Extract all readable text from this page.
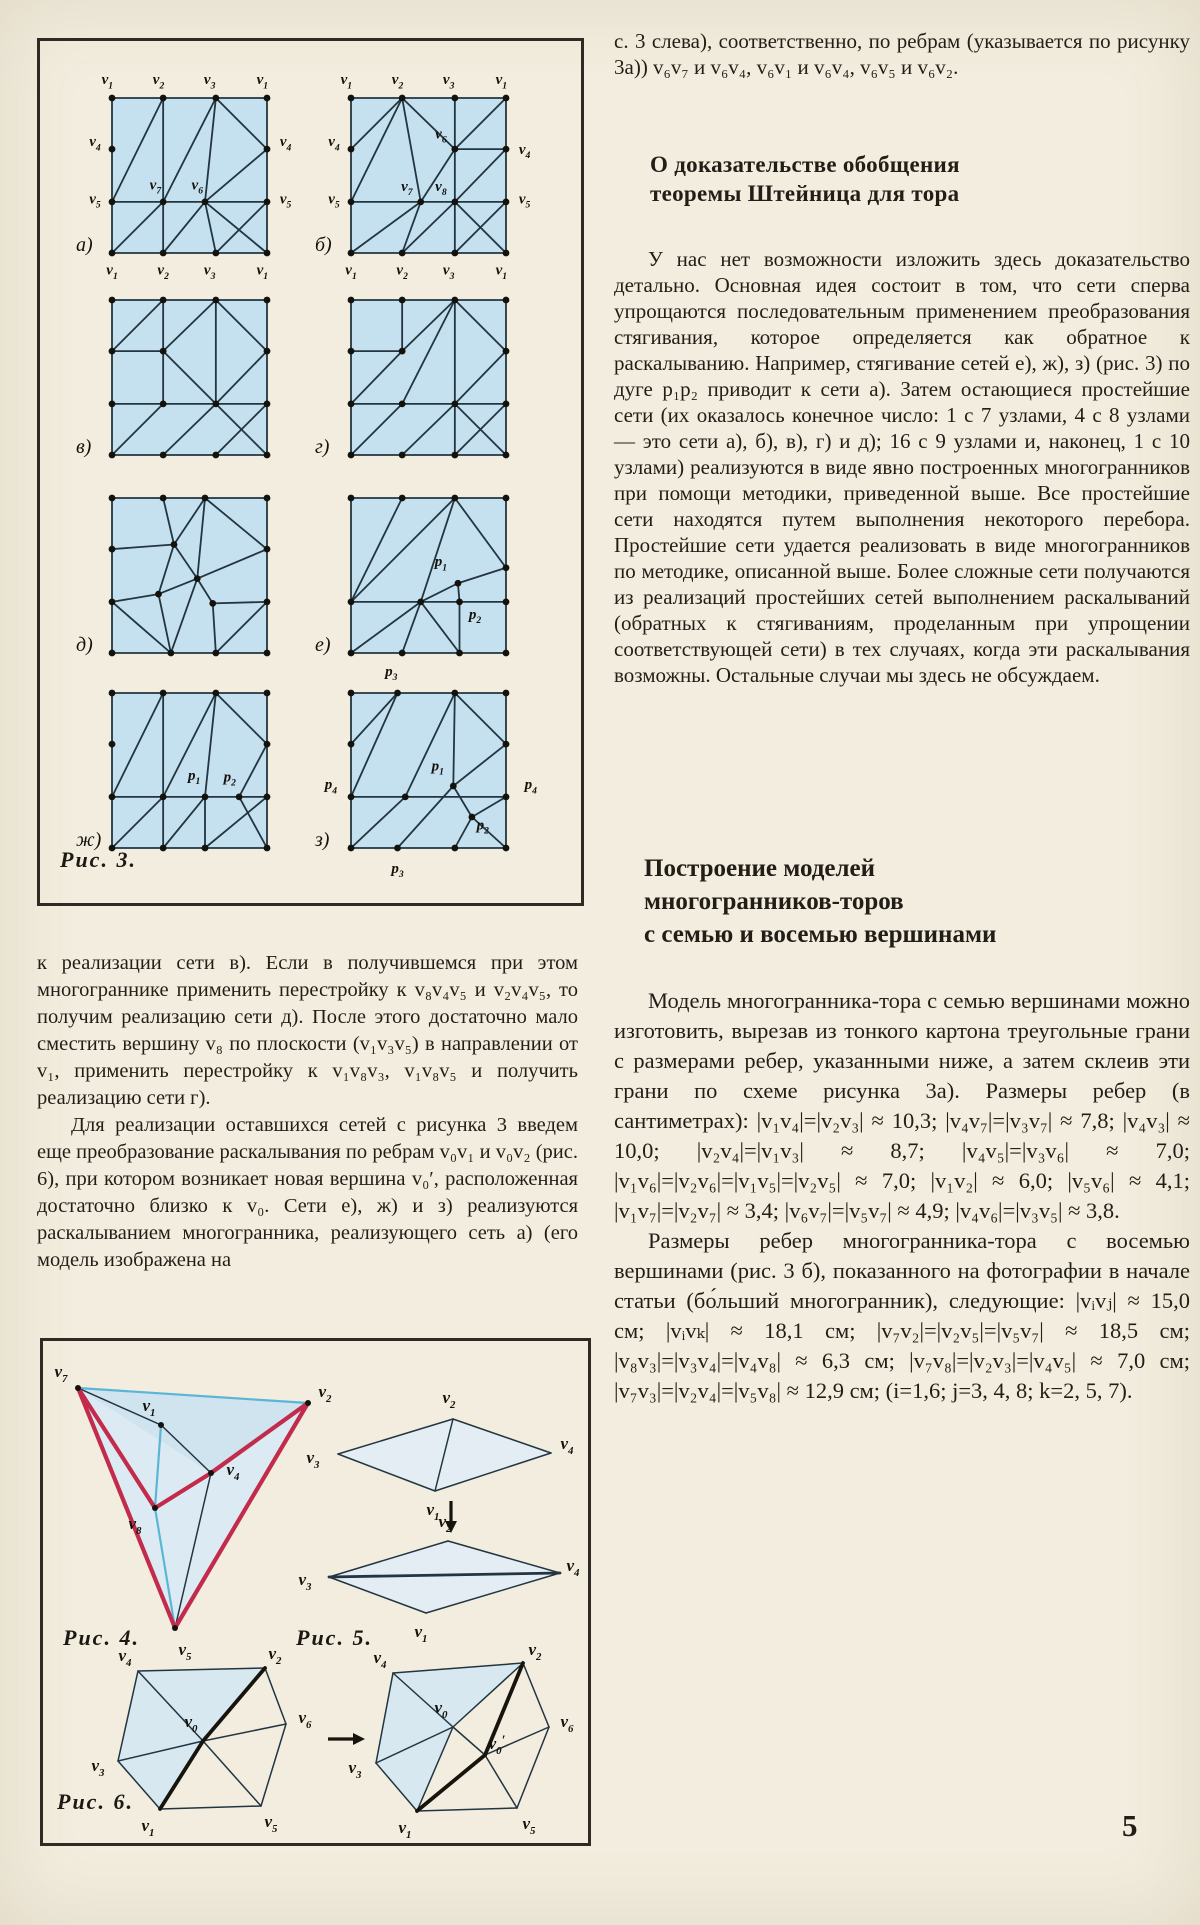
$v_1$	$v_2$	$v_3$	$v_1$
$v_4$
$v_5$
$v_4$
$v_5$
$v_7$ $v_6$
$v_1$	$v_2$ $v_3$	$v_1$
а)
$v_1$	$v_2$	$v_3$	$v_1$
$v_4$
$v_5$
$v_4$
$v_5$
$v_6$
$v_7$ $v_8$
$v_1$	$v_2$ $v_3$	$v_1$
б)
в)	г)
д)
$p_1$
$p_2$
е)
$p_1$ $p_2$
ж)
$p_4$
$p_1$
$p_2$
$p_4$
$p_3$
$p_3$
з)
Рис. 3.
с. 3 слева), соответственно, по ребрам (указывается по рисунку 3а)) v₆v₇ и v₆v₄, v₆v₁ и v₆v₄, v₆v₅ и v₆v₂.
О доказательстве обобщения
теоремы Штейница для тора
У нас нет возможности изложить здесь доказательство детально. Основная идея состоит в том, что сети сперва упрощаются последовательным применением преобразования стягивания, которое определяется как обратное к раскалыванию. Например, стягивание сетей е), ж), з) (рис. 3) по дуге p₁p₂ приводит к сети а). Затем остающиеся простейшие сети (их оказалось конечное число: 1 с 7 узлами, 4 с 8 узлами — это сети а), б), в), г) и д); 16 с 9 узлами и, наконец, 1 с 10 узлами) реализуются в виде явно построенных многогранников при помощи методики, приведенной выше. Все простейшие сети находятся путем выполнения некоторого перебора. Простейшие сети удается реализовать в виде многогранников по методике, описанной выше. Более сложные сети получаются из реализаций простейших сетей выполнением раскалываний (обратных к стягиваниям, проделанным при упрощении соответствующей сети) в тех случаях, когда эти раскалывания возможны. Остальные случаи мы здесь не обсуждаем.
Построение моделей
многогранников-торов
с семью и восемью вершинами

Модель многогранника-тора с семью вершинами можно изготовить, вырезав из тонкого картона треугольные грани с размерами ребер, указанными ниже, а затем склеив эти грани по схеме рисунка 3а). Размеры ребер (в сантиметрах): |v₁v₄|=|v₂v₃| ≈ 10,3; |v₄v₇|=|v₃v₇| ≈ 7,8; |v₄v₃| ≈ 10,0; |v₂v₄|=|v₁v₃| ≈ 8,7; |v₄v₅|=|v₃v₆| ≈ 7,0; |v₁v₆|=|v₂v₆|=|v₁v₅|=|v₂v₅| ≈ 7,0; |v₁v₂| ≈ 6,0; |v₅v₆| ≈ 4,1; |v₁v₇|=|v₂v₇| ≈ 3,4; |v₆v₇|=|v₅v₇| ≈ 4,9; |v₄v₆|=|v₃v₅| ≈ 3,8.

Размеры ребер многогранника-тора с восемью вершинами (рис. 3 б), показанного на фотографии в начале статьи (бо́льший многогранник), следующие: |vᵢvⱼ| ≈ 15,0 см; |vᵢvₖ| ≈ 18,1 см; |v₇v₂|=|v₂v₅|=|v₅v₇| ≈ 18,5 см; |v₈v₃|=|v₃v₄|=|v₄v₈| ≈ 6,3 см; |v₇v₈|=|v₂v₃|=|v₄v₅| ≈ 7,0 см; |v₇v₃|=|v₂v₄|=|v₅v₈| ≈ 12,9 см; (i=1,6; j=3, 4, 8; k=2, 5, 7).

к реализации сети в). Если в получившемся при этом многограннике применить перестройку к v₈v₄v₅ и v₂v₄v₅, то получим реализацию сети д). После этого достаточно мало сместить вершину v₈ по плоскости (v₁v₃v₅) в направлении от v₁, применить перестройку к v₁v₈v₃, v₁v₈v₅ и получить реализацию сети г).

Для реализации оставшихся сетей с рисунка 3 введем еще преобразование раскалывания по ребрам v₀v₁ и v₀v₂ (рис. 6), при котором возникает новая вершина v₀′, расположенная достаточно близко к v₀. Сети е), ж) и з) реализуются раскалыванием многогранника, реализующего сеть а) (его модель изображена на

$v_7$
$v_2$
$v_5$
$v_1$
$v_4$
$v_8$
$v_2$
$v_3$
$v_4$
$v_1$ $v_2$
$v_3$
$v_4$
$v_1$
$v_4$	$v_2$
$v_6$
$v_5$
$v_1$
$v_3$
$v_0$
$v_4$
$v_2$
$v_6$
$v_5$
$v_1$
$v_3$
$v_0$
$v_0'$
Рис. 4.	Рис. 5.
Рис. 6.
5
